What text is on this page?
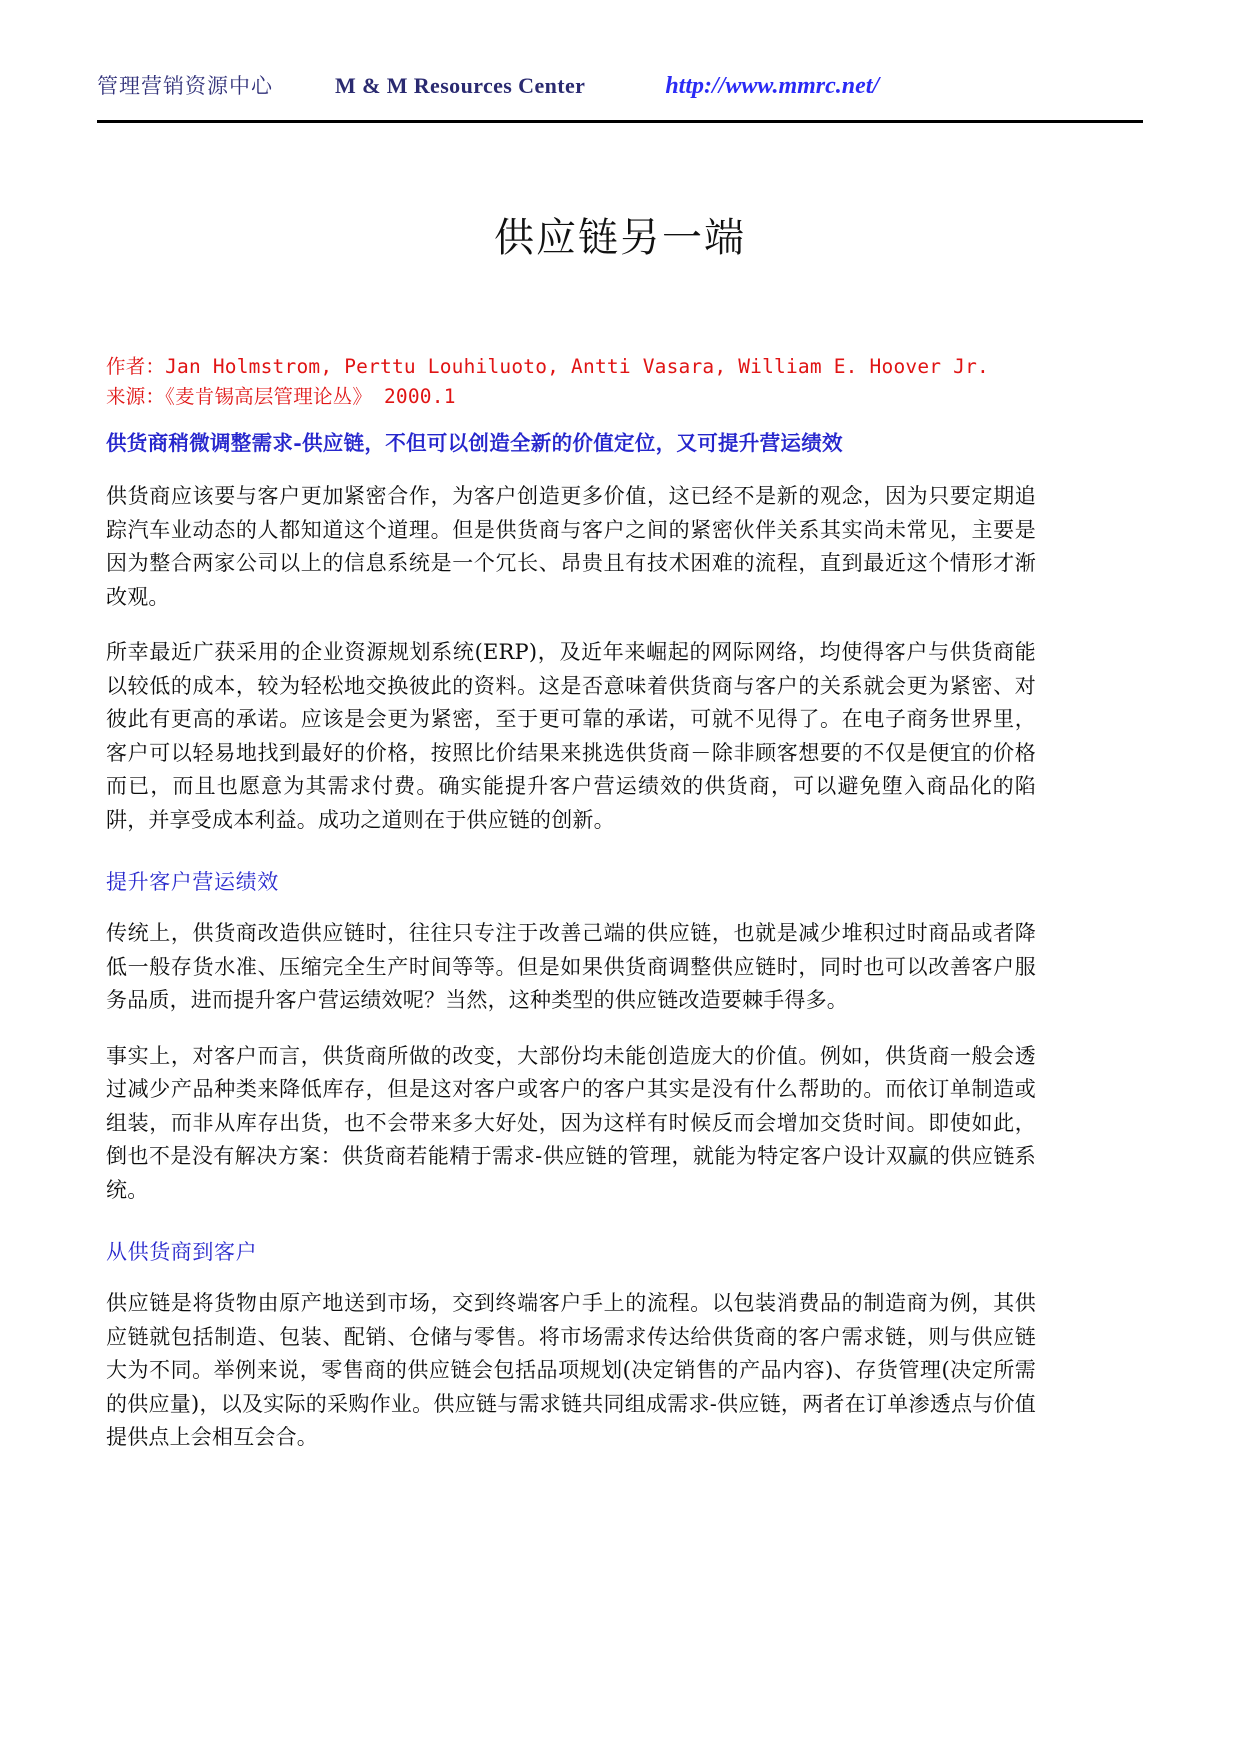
管理营销资源中心	M & M Resources Center	http://www.mmrc.net/
供应链另一端
作者：Jan Holmstrom, Perttu Louhiluoto, Antti Vasara, William E. Hoover Jr.
来源：《麦肯锡高层管理论丛》 2000.1
供货商稍微调整需求-供应链，不但可以创造全新的价值定位，又可提升营运绩效

供货商应该要与客户更加紧密合作，为客户创造更多价值，这已经不是新的观念，因为只要定期追踪汽车业动态的人都知道这个道理。但是供货商与客户之间的紧密伙伴关系其实尚未常见，主要是因为整合两家公司以上的信息系统是一个冗长、昂贵且有技术困难的流程，直到最近这个情形才渐改观。

所幸最近广获采用的企业资源规划系统(ERP)，及近年来崛起的网际网络，均使得客户与供货商能以较低的成本，较为轻松地交换彼此的资料。这是否意味着供货商与客户的关系就会更为紧密、对彼此有更高的承诺。应该是会更为紧密，至于更可靠的承诺，可就不见得了。在电子商务世界里，客户可以轻易地找到最好的价格，按照比价结果来挑选供货商－除非顾客想要的不仅是便宜的价格而已，而且也愿意为其需求付费。确实能提升客户营运绩效的供货商，可以避免堕入商品化的陷阱，并享受成本利益。成功之道则在于供应链的创新。

提升客户营运绩效

传统上，供货商改造供应链时，往往只专注于改善己端的供应链，也就是减少堆积过时商品或者降低一般存货水准、压缩完全生产时间等等。但是如果供货商调整供应链时，同时也可以改善客户服务品质，进而提升客户营运绩效呢？当然，这种类型的供应链改造要棘手得多。

事实上，对客户而言，供货商所做的改变，大部份均未能创造庞大的价值。例如，供货商一般会透过减少产品种类来降低库存，但是这对客户或客户的客户其实是没有什么帮助的。而依订单制造或组装，而非从库存出货，也不会带来多大好处，因为这样有时候反而会增加交货时间。即使如此，倒也不是没有解决方案：供货商若能精于需求-供应链的管理，就能为特定客户设计双赢的供应链系统。

从供货商到客户

供应链是将货物由原产地送到市场，交到终端客户手上的流程。以包装消费品的制造商为例，其供应链就包括制造、包装、配销、仓储与零售。将市场需求传达给供货商的客户需求链，则与供应链大为不同。举例来说，零售商的供应链会包括品项规划(决定销售的产品内容)、存货管理(决定所需的供应量)，以及实际的采购作业。供应链与需求链共同组成需求-供应链，两者在订单渗透点与价值提供点上会相互会合。
